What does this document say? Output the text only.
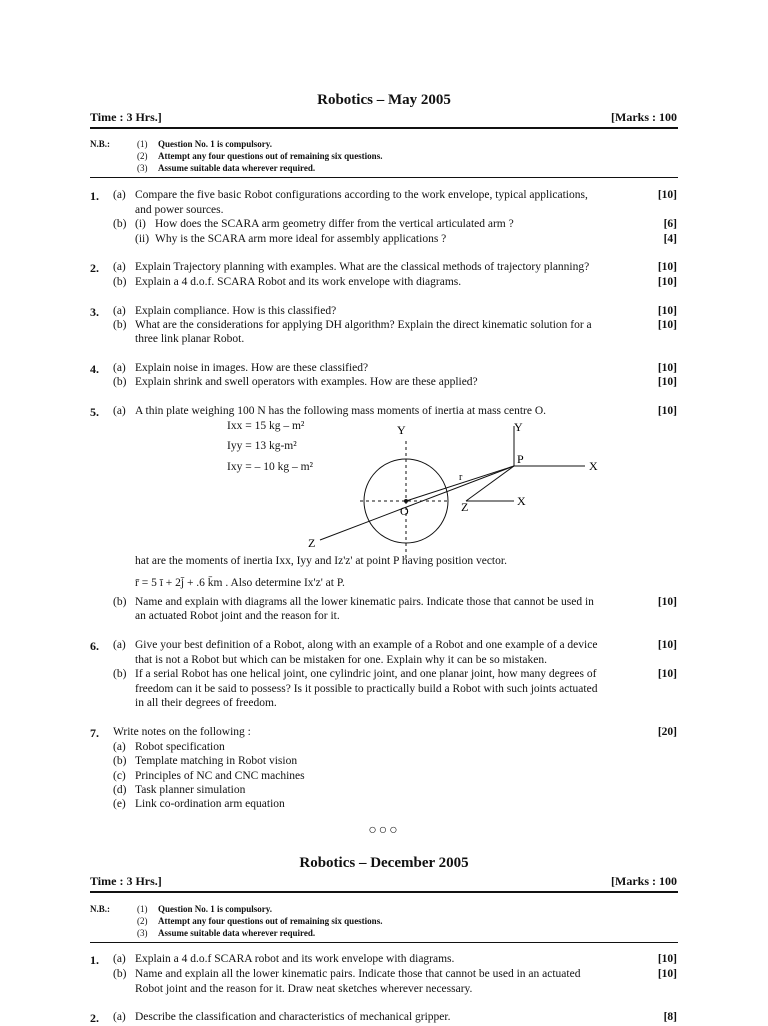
Robotics – May 2005
Time : 3 Hrs.]	[Marks : 100
N.B.:	(1) Question No. 1 is compulsory.
(2) Attempt any four questions out of remaining six questions.
(3) Assume suitable data wherever required.
1. (a) Compare the five basic Robot configurations according to the work envelope, typical applications,
and power sources.
[10]
(b) (i) How does the SCARA arm geometry differ from the vertical articulated arm ?	[6]
(ii) Why is the SCARA arm more ideal for assembly applications ?	[4]
2. (a) Explain Trajectory planning with examples. What are the classical methods of trajectory planning?	[10]
(b) Explain a 4 d.o.f. SCARA Robot and its work envelope with diagrams.	[10]
3. (a) Explain compliance. How is this classified?	[10]
(b) What are the considerations for applying DH algorithm? Explain the direct kinematic solution for a
three link planar Robot.
[10]
4. (a) Explain noise in images. How are these classified?	[10]
(b) Explain shrink and swell operators with examples. How are these applied?	[10]
5. (a) A thin plate weighing 100 N has the following mass moments of inertia at mass centre O.	[10]
Ixx = 15 kg – m²
Iyy = 13 kg-m²
Ixy = – 10 kg – m²
Y	Y
X
X
P
r
O
Z
Z
hat are the moments of inertia Ixx, Iyy and Iz'z' at point P having position vector.
r̄ = 5 ī + 2j̄ + .6 k̄m . Also determine Ix'z' at P.
(b) Name and explain with diagrams all the lower kinematic pairs. Indicate those that cannot be used in
an actuated Robot joint and the reason for it.
[10]
6. (a) Give your best definition of a Robot, along with an example of a Robot and one example of a device
that is not a Robot but which can be mistaken for one. Explain why it can be so mistaken.
[10]
(b) If a serial Robot has one helical joint, one cylindric joint, and one planar joint, how many degrees of
freedom can it be said to possess? Is it possible to practically build a Robot with such joints actuated
in all their degrees of freedom.
[10]
7. Write notes on the following :	[20]
(a) Robot specification
(b) Template matching in Robot vision
(c) Principles of NC and CNC machines
(d) Task planner simulation
(e) Link co-ordination arm equation
○○○
Robotics – December 2005
Time : 3 Hrs.]	[Marks : 100
N.B.:	(1) Question No. 1 is compulsory.
(2) Attempt any four questions out of remaining six questions.
(3) Assume suitable data wherever required.
1. (a) Explain a 4 d.o.f SCARA robot and its work envelope with diagrams.	[10]
(b) Name and explain all the lower kinematic pairs. Indicate those that cannot be used in an actuated
Robot joint and the reason for it. Draw neat sketches wherever necessary.
[10]
2. (a) Describe the classification and characteristics of mechanical gripper.	[8]
